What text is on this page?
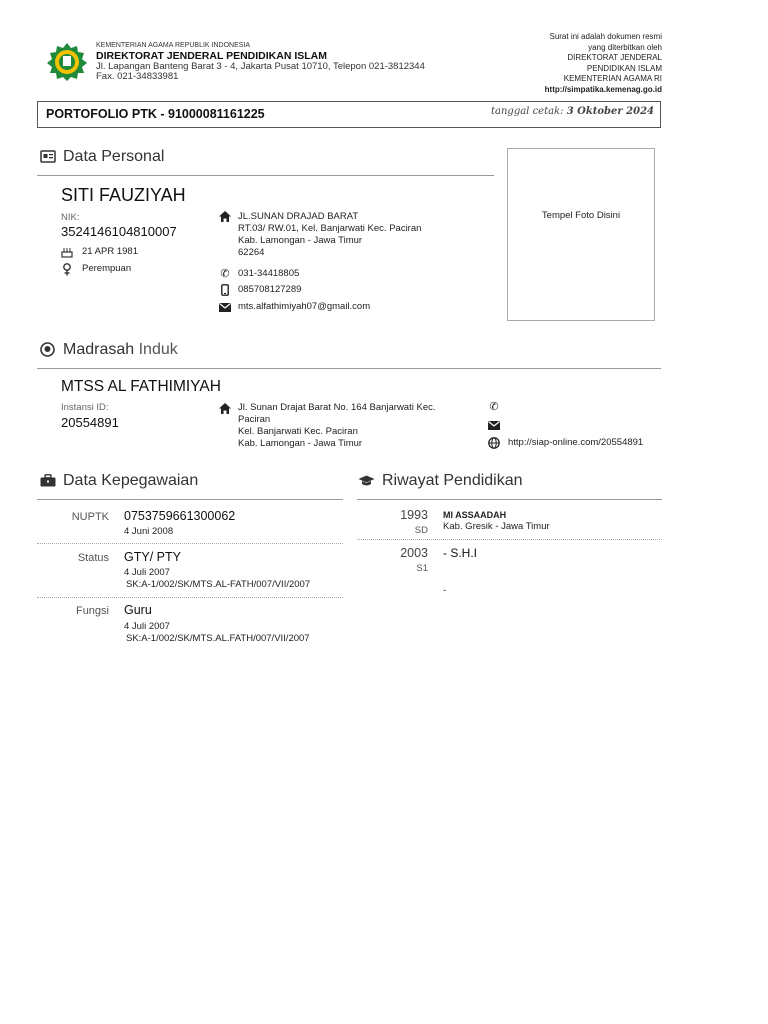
KEMENTERIAN AGAMA REPUBLIK INDONESIA
DIREKTORAT JENDERAL PENDIDIKAN ISLAM
Jl. Lapangan Banteng Barat 3 - 4, Jakarta Pusat 10710, Telepon 021-3812344
Fax. 021-34833981
Surat ini adalah dokumen resmi
yang diterbitkan oleh
DIREKTORAT JENDERAL
PENDIDIKAN ISLAM
KEMENTERIAN AGAMA RI
http://simpatika.kemenag.go.id
PORTOFOLIO PTK - 91000081161225	tanggal cetak: 3 Oktober 2024
Data Personal
Tempel Foto Disini
SITI FAUZIYAH
NIK:
3524146104810007
21 APR 1981
Perempuan
JL.SUNAN DRAJAD BARAT
RT.03/ RW.01, Kel. Banjarwati Kec. Paciran
Kab. Lamongan - Jawa Timur
62264
✆ 031-34418805
085708127289
mts.alfathimiyah07@gmail.com
Madrasah Induk
MTSS AL FATHIMIYAH
Instansi ID:
20554891
Jl. Sunan Drajat Barat No. 164 Banjarwati Kec.
Paciran
Kel. Banjarwati Kec. Paciran
Kab. Lamongan - Jawa Timur
✆
http://siap-online.com/20554891
Data Kepegawaian
NUPTK 0753759661300062
4 Juni 2008
Status GTY/ PTY
4 Juli 2007
SK:A-1/002/SK/MTS.AL-FATH/007/VII/2007
Fungsi Guru
4 Juli 2007
SK:A-1/002/SK/MTS.AL.FATH/007/VII/2007
Riwayat Pendidikan
1993
SD
MI ASSAADAH
Kab. Gresik - Jawa Timur
2003
S1
- S.H.I
-
